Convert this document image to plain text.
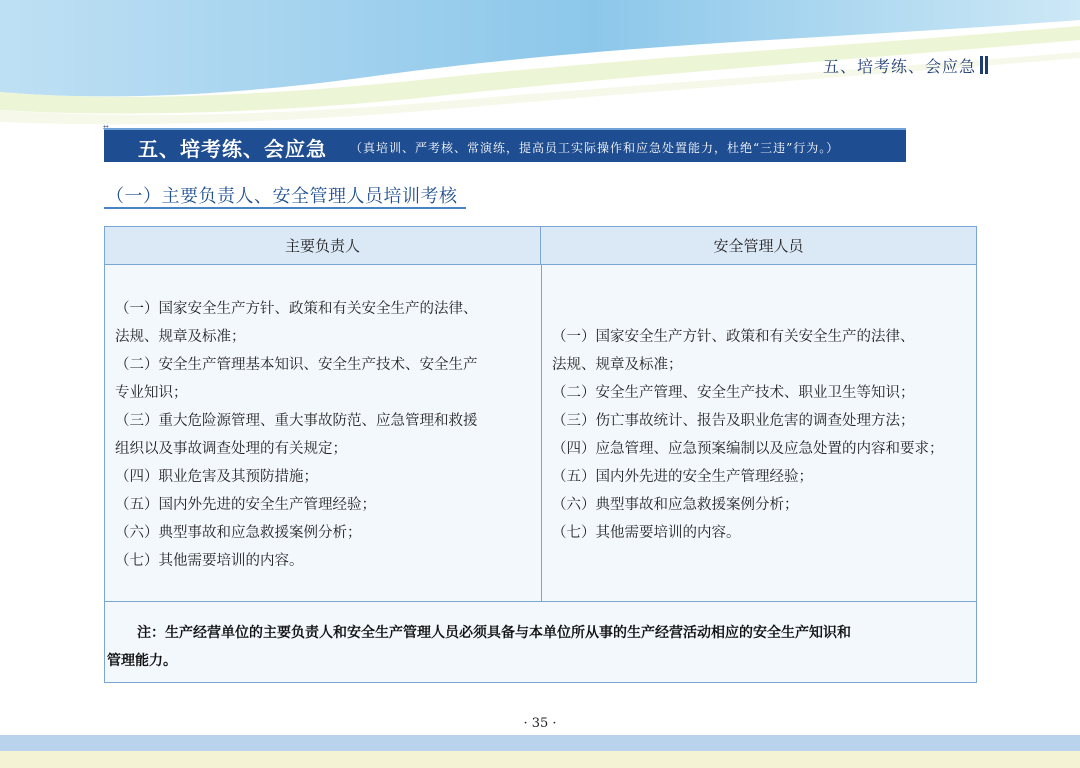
五、培考练、会应急
五、培考练、会应急 （真培训、严考核、常演练，提高员工实际操作和应急处置能力，杜绝“三违”行为。）
（一）主要负责人、安全管理人员培训考核
主要负责人	安全管理人员
（一）国家安全生产方针、政策和有关安全生产的法律、
法规、规章及标准；
（二）安全生产管理基本知识、安全生产技术、安全生产
专业知识；
（三）重大危险源管理、重大事故防范、应急管理和救援
组织以及事故调查处理的有关规定；
（四）职业危害及其预防措施；
（五）国内外先进的安全生产管理经验；
（六）典型事故和应急救援案例分析；
（七）其他需要培训的内容。
（一）国家安全生产方针、政策和有关安全生产的法律、
法规、规章及标准；
（二）安全生产管理、安全生产技术、职业卫生等知识；
（三）伤亡事故统计、报告及职业危害的调查处理方法；
（四）应急管理、应急预案编制以及应急处置的内容和要求；
（五）国内外先进的安全生产管理经验；
（六）典型事故和应急救援案例分析；
（七）其他需要培训的内容。
注：生产经营单位的主要负责人和安全生产管理人员必须具备与本单位所从事的生产经营活动相应的安全生产知识和
管理能力。
· 35 ·
